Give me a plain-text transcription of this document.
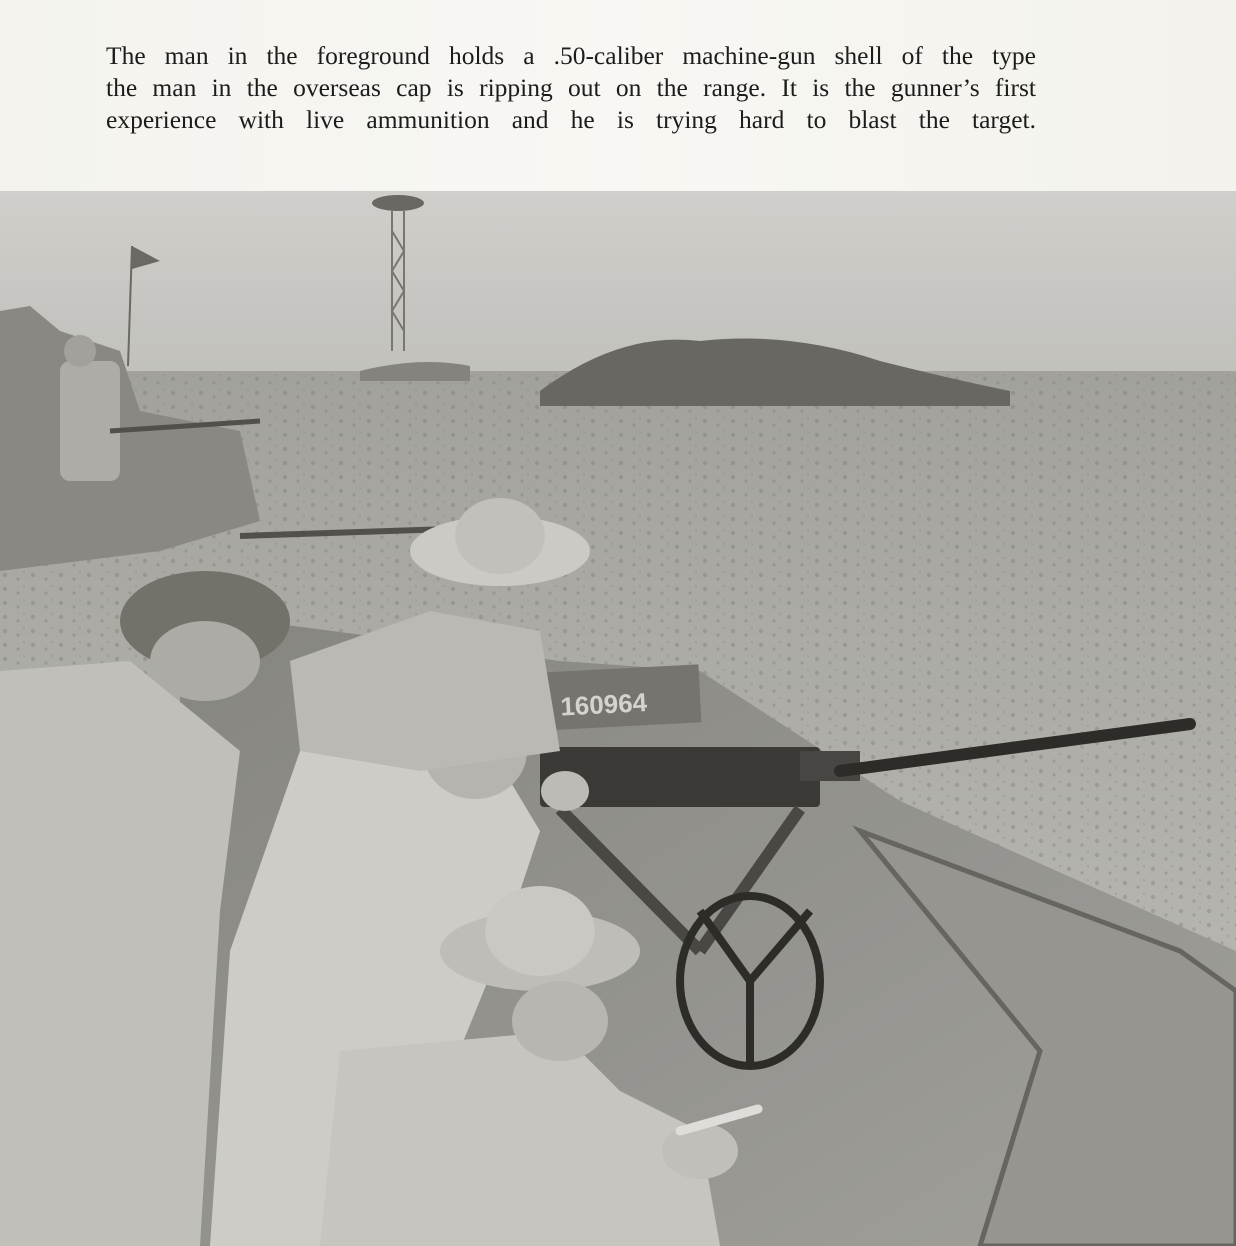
The man in the foreground holds a .50-caliber machine-gun shell of the type
the man in the overseas cap is ripping out on the range. It is the gunner’s first
experience with live ammunition and he is trying hard to blast the target.

160964
